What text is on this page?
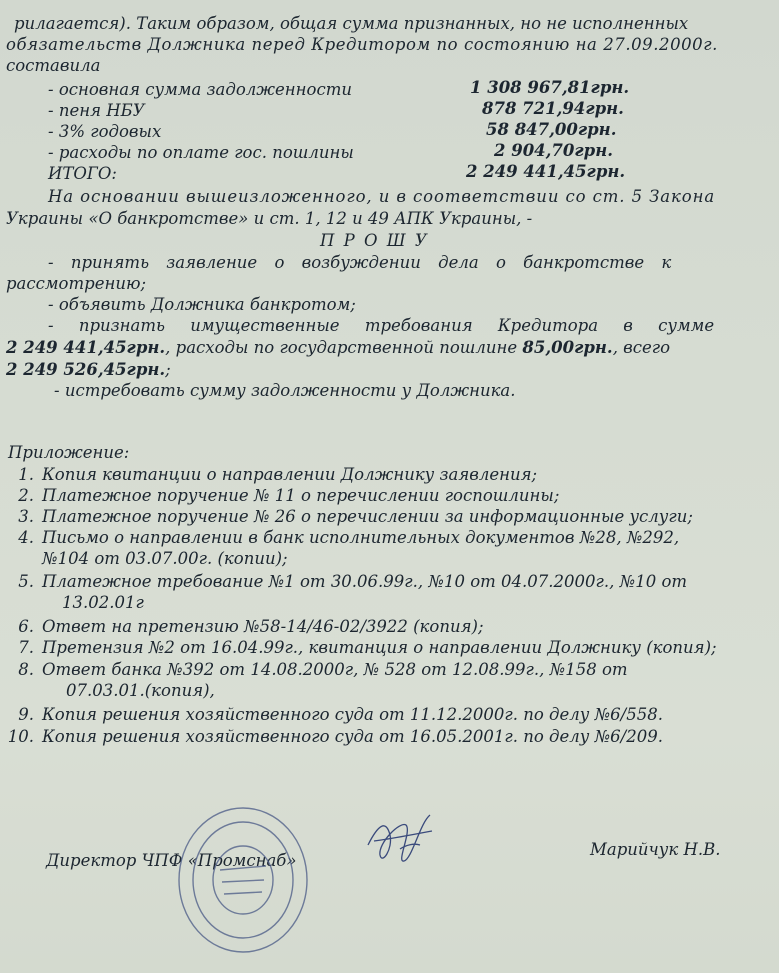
рилагается). Таким образом, общая сумма признанных, но не исполненных
обязательств Должника перед Кредитором по состоянию на 27.09.2000г.
составила
- основная сумма задолженности	1 308 967,81грн.
- пеня НБУ	878 721,94грн.
- 3% годовых	58 847,00грн.
- расходы по оплате гос. пошлины	2 904,70грн.
ИТОГО:	2 249 441,45грн.
На основании вышеизложенного, и в соответствии со ст. 5 Закона
Украины «О банкротстве» и ст. 1, 12 и 49 АПК Украины, -
П Р О Ш У
- принять заявление о возбуждении дела о банкротстве к
рассмотрению;
- объявить Должника банкротом;
- признать имущественные требования Кредитора в сумме
2 249 441,45грн., расходы по государственной пошлине 85,00грн., всего
2 249 526,45грн.;
- истребовать сумму задолженности у Должника.
Приложение:
1. Копия квитанции о направлении Должнику заявления;
2. Платежное поручение № 11 о перечислении госпошлины;
3. Платежное поручение № 26 о перечислении за информационные услуги;
4. Письмо о направлении в банк исполнительных документов №28, №292,
№104 от 03.07.00г. (копии);
5. Платежное требование №1 от 30.06.99г., №10 от 04.07.2000г., №10 от
13.02.01г
6. Ответ на претензию №58-14/46-02/3922 (копия);
7. Претензия №2 от 16.04.99г., квитанция о направлении Должнику (копия);
8. Ответ банка №392 от 14.08.2000г, № 528 от 12.08.99г., №158 от
07.03.01.(копия),
9. Копия решения хозяйственного суда от 11.12.2000г. по делу №6/558.
10. Копия решения хозяйственного суда от 16.05.2001г. по делу №6/209.
Директор ЧПФ «Промснаб»
Марийчук Н.В.
